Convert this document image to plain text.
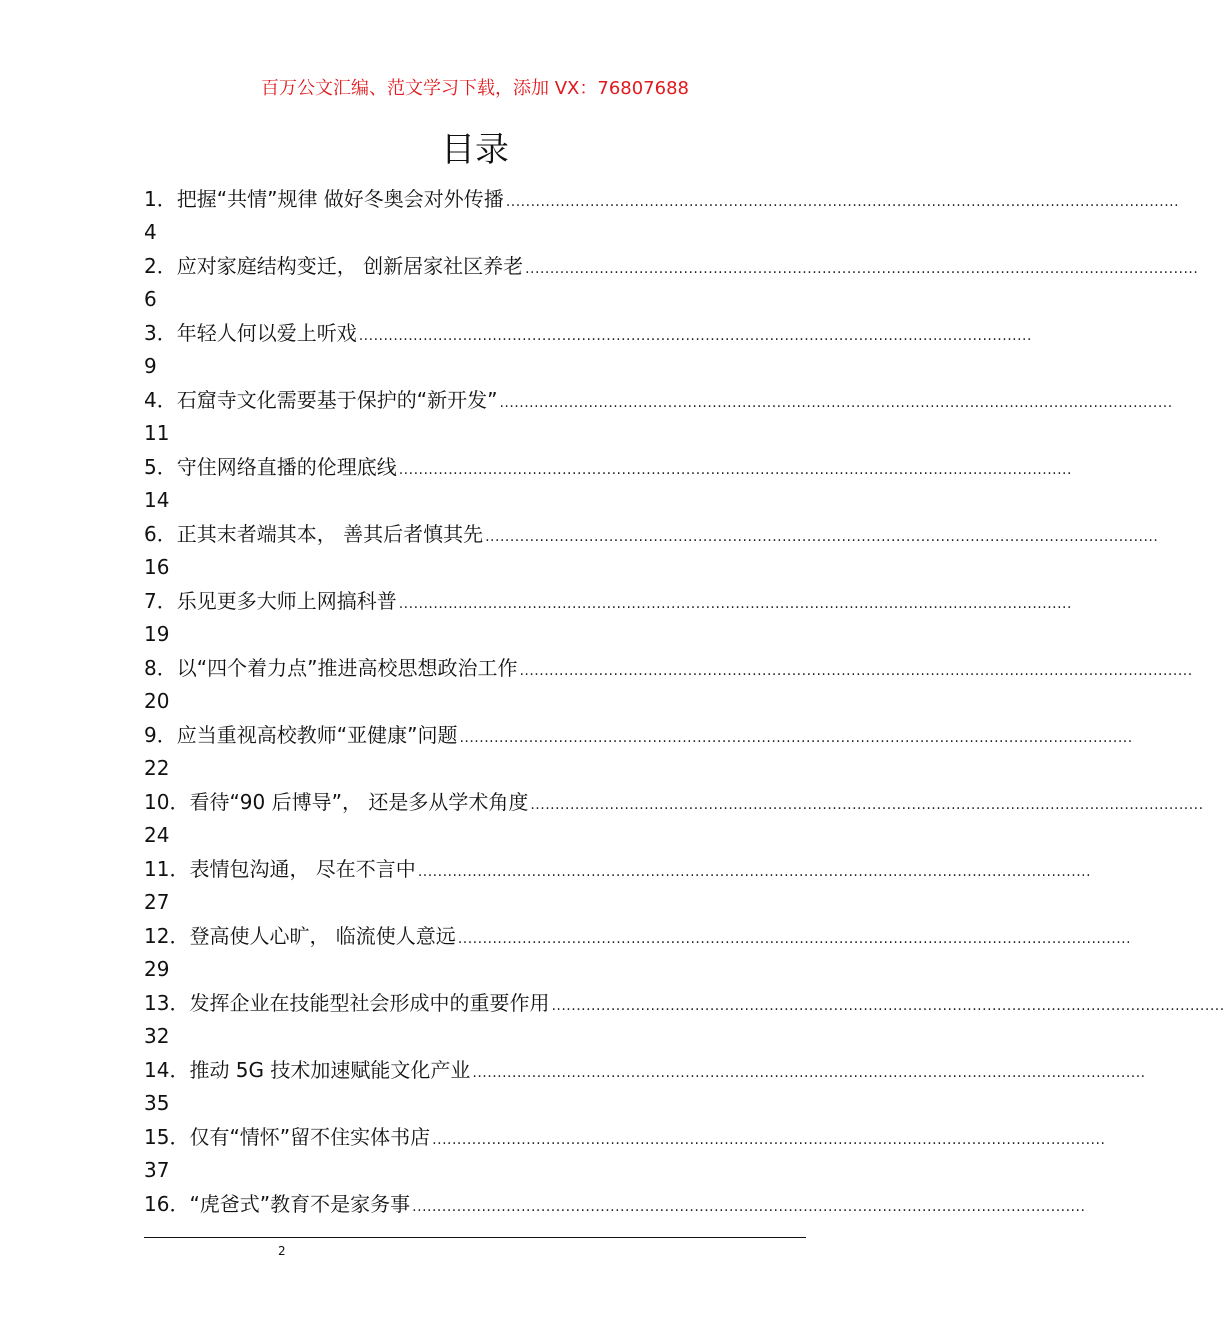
百万公文汇编、范文学习下载，添加 VX：76807688
目录
1．把握“共情”规律 做好冬奥会对外传播 ........................................................................................................................................
4
2．应对家庭结构变迁， 创新居家社区养老 ........................................................................................................................................
6
3．年轻人何以爱上听戏 ........................................................................................................................................
9
4．石窟寺文化需要基于保护的“新开发” ........................................................................................................................................
11
5．守住网络直播的伦理底线 ........................................................................................................................................
14
6．正其末者端其本， 善其后者慎其先 ........................................................................................................................................
16
7．乐见更多大师上网搞科普 ........................................................................................................................................
19
8．以“四个着力点”推进高校思想政治工作 ........................................................................................................................................
20
9．应当重视高校教师“亚健康”问题 ........................................................................................................................................
22
10．看待“90 后博导”， 还是多从学术角度 ........................................................................................................................................
24
11．表情包沟通， 尽在不言中 ........................................................................................................................................
27
12．登高使人心旷， 临流使人意远 ........................................................................................................................................
29
13．发挥企业在技能型社会形成中的重要作用 ........................................................................................................................................
32
14．推动 5G 技术加速赋能文化产业 ........................................................................................................................................
35
15．仅有“情怀”留不住实体书店 ........................................................................................................................................
37
16．“虎爸式”教育不是家务事 ........................................................................................................................................
2
